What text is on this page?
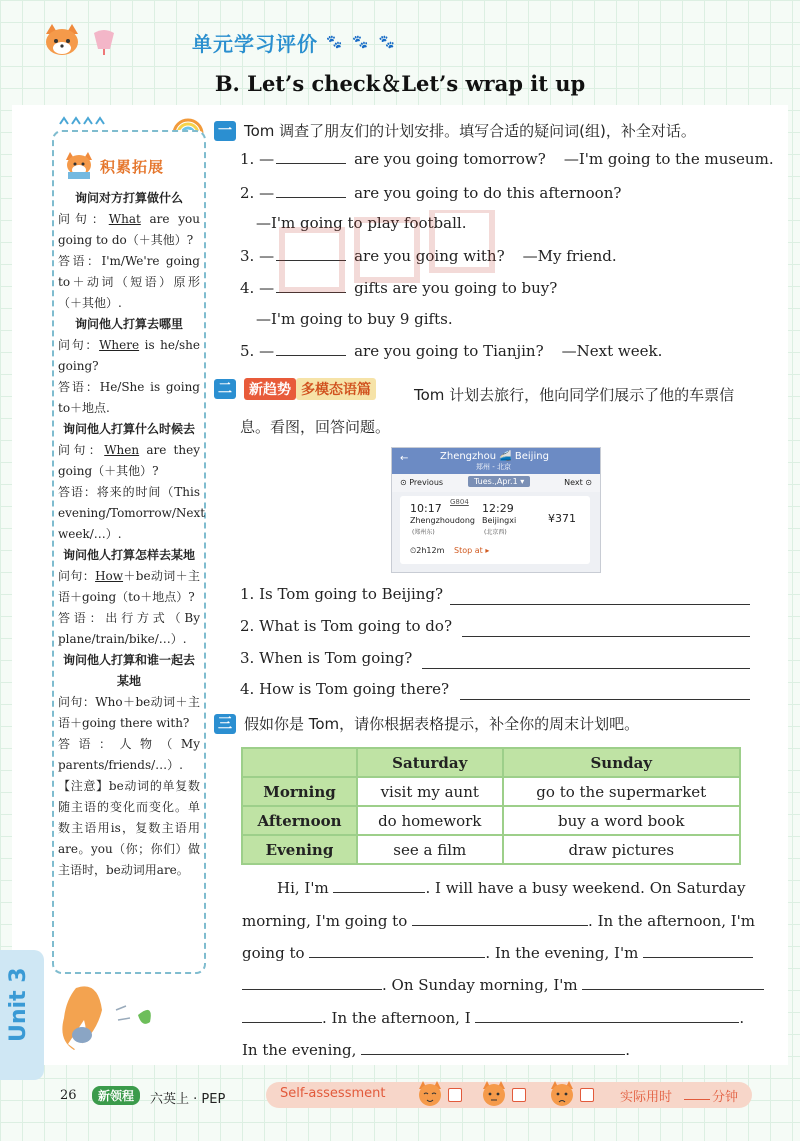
单元学习评价 🐾 🐾 🐾
B. Let’s check＆Let’s wrap it up
积累拓展
询问对方打算做什么

问句：What are you going to do（＋其他）?

答语：I'm/We're going to＋动词（短语）原形（＋其他）.

询问他人打算去哪里

问句：Where is he/she going?

答语：He/She is going to＋地点.

询问他人打算什么时候去

问句：When are they going（＋其他）?

答语：将来的时间（This evening/Tomorrow/Next week/…）.

询问他人打算怎样去某地

问句：How＋be动词＋主语＋going（to＋地点）?

答语：出行方式（By plane/train/bike/…）.

询问他人打算和谁一起去某地

问句：Who＋be动词＋主语＋going there with?

答语：人物（My parents/friends/…）.

【注意】be动词的单复数随主语的变化而变化。单数主语用is，复数主语用are。you（你；你们）做主语时，be动词用are。

Unit 3
一 Tom 调查了朋友们的计划安排。填写合适的疑问词(组)，补全对话。
1. —	are you going tomorrow? —I'm going to the museum.
2. —	are you going to do this afternoon?
—I'm going to play football.
3. —	are you going with? —My friend.
4. —	gifts are you going to buy?
—I'm going to buy 9 gifts.
5. —	are you going to Tianjin? —Next week.
二	新趋势 多模态语篇	Tom 计划去旅行，他向同学们展示了他的车票信息。看图，回答问题。
←	Zhengzhou 🚄 Beijing
郑州 - 北京
⊙ Previous	Tues.,Apr.1 ▾	Next ⊙
10:17 G804 12:29
Zhengzhoudong Beijingxi
(郑州东)	(北京西)
¥371
⏲2h12m Stop at ▸
1. Is Tom going to Beijing?
2. What is Tom going to do?
3. When is Tom going?
4. How is Tom going there?
三 假如你是 Tom，请你根据表格提示，补全你的周末计划吧。
	Saturday	Sunday
Morning	visit my aunt	go to the supermarket
Afternoon	do homework	buy a word book
Evening	see a film	draw pictures
Hi, I'm	. I will have a busy weekend. On Saturday
morning, I'm going to	. In the afternoon, I'm
going to	. In the evening, I'm
. On Sunday morning, I'm
. In the afternoon, I	.
In the evening,	.
26	新领程	六英上 · PEP	Self-assessment	实际用时	分钟
